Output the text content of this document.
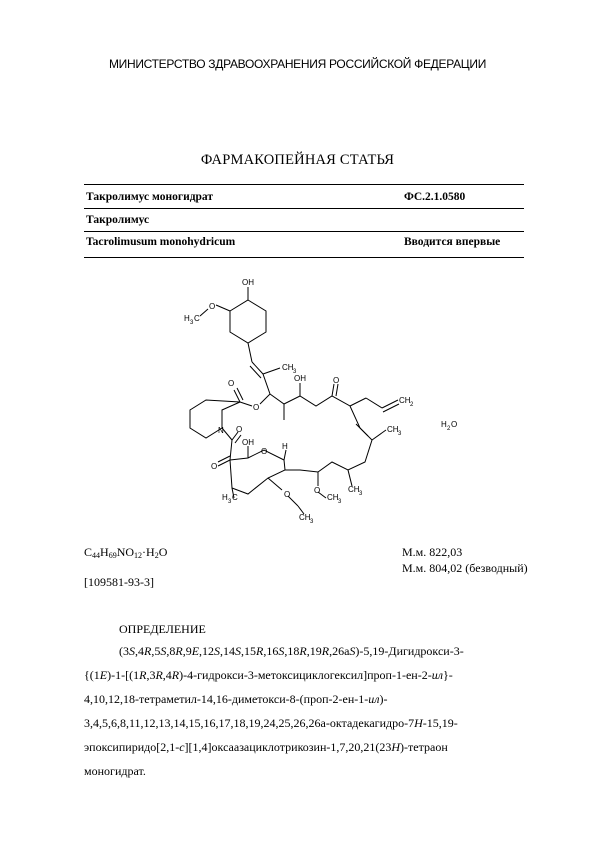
МИНИСТЕРСТВО ЗДРАВООХРАНЕНИЯ РОССИЙСКОЙ ФЕДЕРАЦИИ
ФАРМАКОПЕЙНАЯ СТАТЬЯ
Такролимус моногидрат	ФС.2.1.0580
Такролимус
Tacrolimusum monohydricum	Вводится впервые
OH
H 3 C
O
CH 3
O
O
OH	O
CH 2
N O	CH 3
H 2 O
O
OH
O
H
H 3 C
O
CH 3
CH 3
O
CH 3
$C_{44}H_{69}NO_{12}\cdot H_2O$	М.м. 822,03
М.м. 804,02 (безводный)
[109581-93-3]
ОПРЕДЕЛЕНИЕ
(3S,4R,5S,8R,9E,12S,14S,15R,16S,18R,19R,26aS)-5,19-Дигидрокси-3-
{(1E)-1-[(1R,3R,4R)-4-гидрокси-3-метоксициклогексил]проп-1-ен-2-ил}-
4,10,12,18-тетраметил-14,16-диметокси-8-(проп-2-ен-1-ил)-
3,4,5,6,8,11,12,13,14,15,16,17,18,19,24,25,26,26a-октадекагидро-7H-15,19-
эпоксипиридо[2,1-c][1,4]оксаазациклотрикозин-1,7,20,21(23H)-тетраон
моногидрат.
